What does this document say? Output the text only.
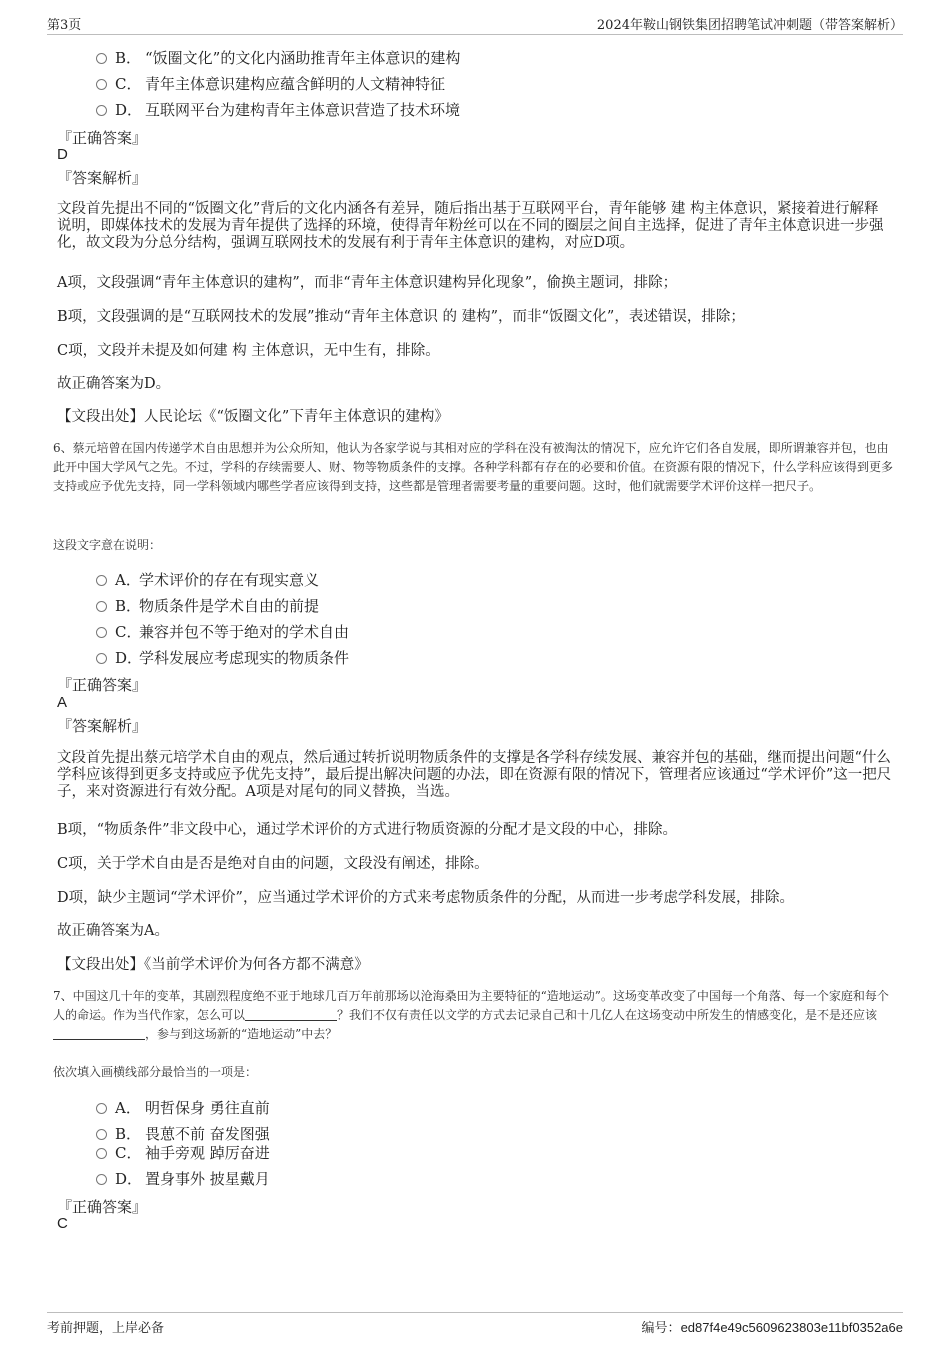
第3页	2024年鞍山钢铁集团招聘笔试冲刺题（带答案解析）
B． “饭圈文化”的文化内涵助推青年主体意识的建构
C． 青年主体意识建构应蕴含鲜明的人文精神特征
D． 互联网平台为建构青年主体意识营造了技术环境
『正确答案』
D
『答案解析』
文段首先提出不同的“饭圈文化”背后的文化内涵各有差异，随后指出基于互联网平台，青年能够 建 构主体意识，紧接着进行解释说明，即媒体技术的发展为青年提供了选择的环境，使得青年粉丝可以在不同的圈层之间自主选择，促进了青年主体意识进一步强化，故文段为分总分结构，强调互联网技术的发展有利于青年主体意识的建构，对应D项。
A项，文段强调“青年主体意识的建构”，而非“青年主体意识建构异化现象”，偷换主题词，排除；
B项，文段强调的是“互联网技术的发展”推动“青年主体意识 的 建构”，而非“饭圈文化”，表述错误，排除；
C项，文段并未提及如何建 构 主体意识，无中生有，排除。
故正确答案为D。
【文段出处】人民论坛《“饭圈文化”下青年主体意识的建构》
6、蔡元培曾在国内传递学术自由思想并为公众所知，他认为各家学说与其相对应的学科在没有被淘汰的情况下，应允许它们各自发展，即所谓兼容并包，也由此开中国大学风气之先。不过，学科的存续需要人、财、物等物质条件的支撑。各种学科都有存在的必要和价值。在资源有限的情况下，什么学科应该得到更多支持或应予优先支持，同一学科领域内哪些学者应该得到支持，这些都是管理者需要考量的重要问题。这时，他们就需要学术评价这样一把尺子。
这段文字意在说明：
A．学术评价的存在有现实意义
B．物质条件是学术自由的前提
C．兼容并包不等于绝对的学术自由
D．学科发展应考虑现实的物质条件
『正确答案』
A
『答案解析』
文段首先提出蔡元培学术自由的观点，然后通过转折说明物质条件的支撑是各学科存续发展、兼容并包的基础，继而提出问题“什么学科应该得到更多支持或应予优先支持”，最后提出解决问题的办法，即在资源有限的情况下，管理者应该通过“学术评价”这一把尺子，来对资源进行有效分配。A项是对尾句的同义替换，当选。
B项，“物质条件”非文段中心，通过学术评价的方式进行物质资源的分配才是文段的中心，排除。
C项，关于学术自由是否是绝对自由的问题，文段没有阐述，排除。
D项，缺少主题词“学术评价”，应当通过学术评价的方式来考虑物质条件的分配，从而进一步考虑学科发展，排除。
故正确答案为A。
【文段出处】《当前学术评价为何各方都不满意》
7、中国这几十年的变革，其剧烈程度绝不亚于地球几百万年前那场以沧海桑田为主要特征的“造地运动”。这场变革改变了中国每一个角落、每一个家庭和每个人的命运。作为当代作家，怎么可以	？我们不仅有责任以文学的方式去记录自己和十几亿人在这场变动中所发生的情感变化，是不是还应该，参与到这场新的“造地运动”中去？
依次填入画横线部分最恰当的一项是：
A． 明哲保身 勇往直前
B． 畏葸不前 奋发图强
C． 袖手旁观 踔厉奋进
D． 置身事外 披星戴月
『正确答案』
C
考前押题，上岸必备	编号：ed87f4e49c5609623803e11bf0352a6e
